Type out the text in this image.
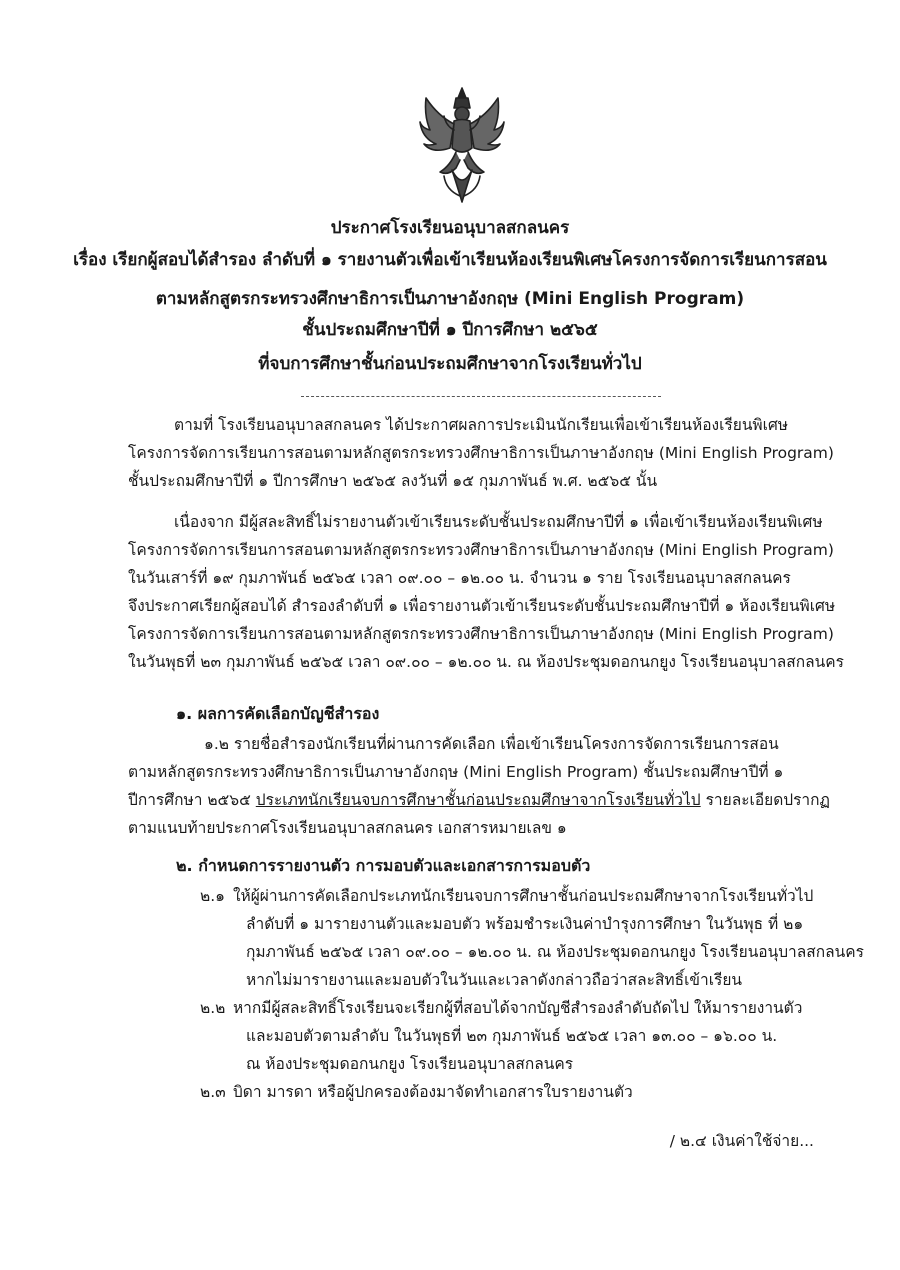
ประกาศโรงเรียนอนุบาลสกลนคร
เรื่อง เรียกผู้สอบได้สำรอง ลำดับที่ ๑ รายงานตัวเพื่อเข้าเรียนห้องเรียนพิเศษโครงการจัดการเรียนการสอน
ตามหลักสูตรกระทรวงศึกษาธิการเป็นภาษาอังกฤษ (Mini English Program)
ชั้นประถมศึกษาปีที่ ๑ ปีการศึกษา ๒๕๖๕
ที่จบการศึกษาชั้นก่อนประถมศึกษาจากโรงเรียนทั่วไป
ตามที่ โรงเรียนอนุบาลสกลนคร ได้ประกาศผลการประเมินนักเรียนเพื่อเข้าเรียนห้องเรียนพิเศษ
โครงการจัดการเรียนการสอนตามหลักสูตรกระทรวงศึกษาธิการเป็นภาษาอังกฤษ (Mini English Program)
ชั้นประถมศึกษาปีที่ ๑ ปีการศึกษา ๒๕๖๕ ลงวันที่ ๑๕ กุมภาพันธ์ พ.ศ. ๒๕๖๕ นั้น
เนื่องจาก มีผู้สละสิทธิ์ไม่รายงานตัวเข้าเรียนระดับชั้นประถมศึกษาปีที่ ๑ เพื่อเข้าเรียนห้องเรียนพิเศษ
โครงการจัดการเรียนการสอนตามหลักสูตรกระทรวงศึกษาธิการเป็นภาษาอังกฤษ (Mini English Program)
ในวันเสาร์ที่ ๑๙ กุมภาพันธ์ ๒๕๖๕ เวลา ๐๙.๐๐ – ๑๒.๐๐ น. จำนวน ๑ ราย โรงเรียนอนุบาลสกลนคร
จึงประกาศเรียกผู้สอบได้ สำรองลำดับที่ ๑ เพื่อรายงานตัวเข้าเรียนระดับชั้นประถมศึกษาปีที่ ๑ ห้องเรียนพิเศษ
โครงการจัดการเรียนการสอนตามหลักสูตรกระทรวงศึกษาธิการเป็นภาษาอังกฤษ (Mini English Program)
ในวันพุธที่ ๒๓ กุมภาพันธ์ ๒๕๖๕ เวลา ๐๙.๐๐ – ๑๒.๐๐ น. ณ ห้องประชุมดอกนกยูง โรงเรียนอนุบาลสกลนคร
๑. ผลการคัดเลือกบัญชีสำรอง
๑.๒ รายชื่อสำรองนักเรียนที่ผ่านการคัดเลือก เพื่อเข้าเรียนโครงการจัดการเรียนการสอน
ตามหลักสูตรกระทรวงศึกษาธิการเป็นภาษาอังกฤษ (Mini English Program) ชั้นประถมศึกษาปีที่ ๑
ปีการศึกษา ๒๕๖๕ ประเภทนักเรียนจบการศึกษาชั้นก่อนประถมศึกษาจากโรงเรียนทั่วไป รายละเอียดปรากฏ
ตามแนบท้ายประกาศโรงเรียนอนุบาลสกลนคร เอกสารหมายเลข ๑
๒. กำหนดการรายงานตัว การมอบตัวและเอกสารการมอบตัว
๒.๑ ให้ผู้ผ่านการคัดเลือกประเภทนักเรียนจบการศึกษาชั้นก่อนประถมศึกษาจากโรงเรียนทั่วไป
ลำดับที่ ๑ มารายงานตัวและมอบตัว พร้อมชำระเงินค่าบำรุงการศึกษา ในวันพุธ ที่ ๒๑
กุมภาพันธ์ ๒๕๖๕ เวลา ๐๙.๐๐ – ๑๒.๐๐ น. ณ ห้องประชุมดอกนกยูง โรงเรียนอนุบาลสกลนคร
หากไม่มารายงานและมอบตัวในวันและเวลาดังกล่าวถือว่าสละสิทธิ์เข้าเรียน
๒.๒ หากมีผู้สละสิทธิ์โรงเรียนจะเรียกผู้ที่สอบได้จากบัญชีสำรองลำดับถัดไป ให้มารายงานตัว
และมอบตัวตามลำดับ ในวันพุธที่ ๒๓ กุมภาพันธ์ ๒๕๖๕ เวลา ๑๓.๐๐ – ๑๖.๐๐ น.
ณ ห้องประชุมดอกนกยูง โรงเรียนอนุบาลสกลนคร
๒.๓ บิดา มารดา หรือผู้ปกครองต้องมาจัดทำเอกสารใบรายงานตัว
/ ๒.๔ เงินค่าใช้จ่าย...
